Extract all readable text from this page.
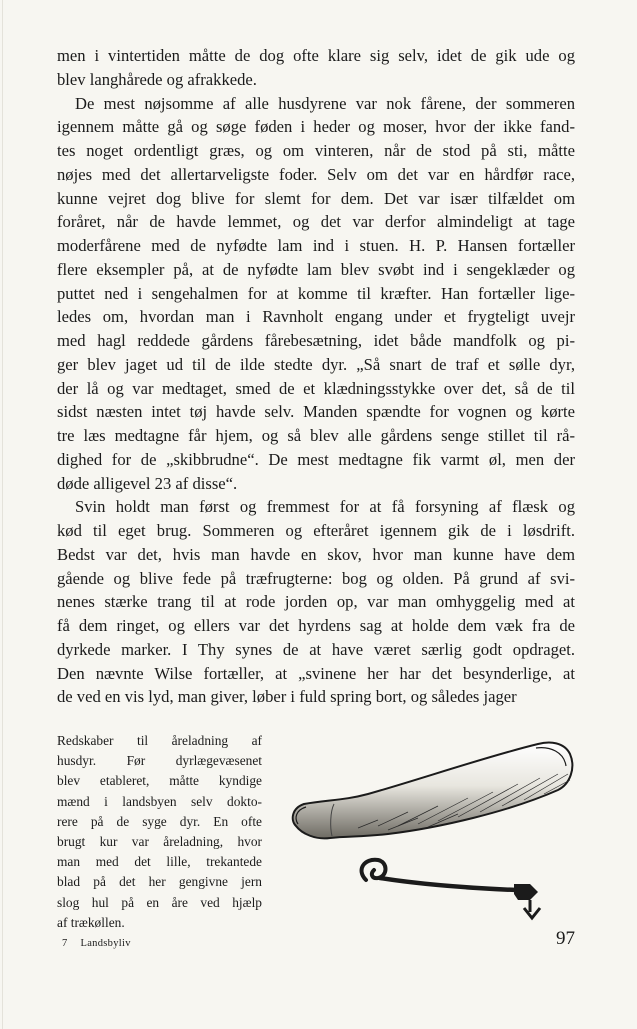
men i vintertiden måtte de dog ofte klare sig selv, idet de gik ude og
blev langhårede og afrakkede.
De mest nøjsomme af alle husdyrene var nok fårene, der sommeren
igennem måtte gå og søge føden i heder og moser, hvor der ikke fand-
tes noget ordentligt græs, og om vinteren, når de stod på sti, måtte
nøjes med det allertarveligste foder. Selv om det var en hårdfør race,
kunne vejret dog blive for slemt for dem. Det var især tilfældet om
foråret, når de havde lemmet, og det var derfor almindeligt at tage
moderfårene med de nyfødte lam ind i stuen. H. P. Hansen fortæller
flere eksempler på, at de nyfødte lam blev svøbt ind i sengeklæder og
puttet ned i sengehalmen for at komme til kræfter. Han fortæller lige-
ledes om, hvordan man i Ravnholt engang under et frygteligt uvejr
med hagl reddede gårdens fårebesætning, idet både mandfolk og pi-
ger blev jaget ud til de ilde stedte dyr. „Så snart de traf et sølle dyr,
der lå og var medtaget, smed de et klædningsstykke over det, så de til
sidst næsten intet tøj havde selv. Manden spændte for vognen og kørte
tre læs medtagne får hjem, og så blev alle gårdens senge stillet til rå-
dighed for de „skibbrudne“. De mest medtagne fik varmt øl, men der
døde alligevel 23 af disse“.
Svin holdt man først og fremmest for at få forsyning af flæsk og
kød til eget brug. Sommeren og efteråret igennem gik de i løsdrift.
Bedst var det, hvis man havde en skov, hvor man kunne have dem
gående og blive fede på træfrugterne: bog og olden. På grund af svi-
nenes stærke trang til at rode jorden op, var man omhyggelig med at
få dem ringet, og ellers var det hyrdens sag at holde dem væk fra de
dyrkede marker. I Thy synes de at have været særlig godt opdraget.
Den nævnte Wilse fortæller, at „svinene her har det besynderlige, at
de ved en vis lyd, man giver, løber i fuld spring bort, og således jager
Redskaber til åreladning af
husdyr. Før dyrlægevæsenet
blev etableret, måtte kyndige
mænd i landsbyen selv dokto-
rere på de syge dyr. En ofte
brugt kur var åreladning, hvor
man med det lille, trekantede
blad på det her gengivne jern
slog hul på en åre ved hjælp
af trækøllen.
7 Landsbyliv	97
